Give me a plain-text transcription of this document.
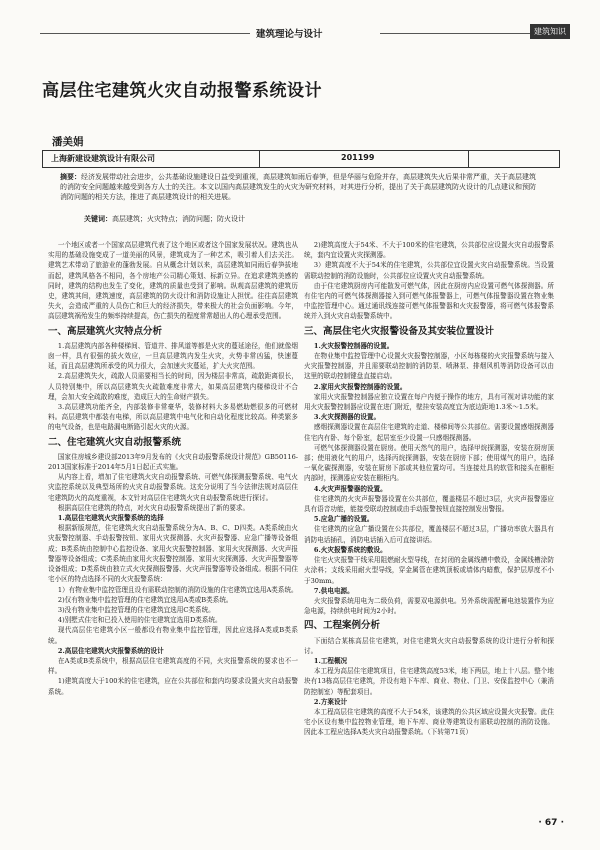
建筑理论与设计	建筑知识
高层住宅建筑火灾自动报警系统设计
潘美娟
上海新建设建筑设计有限公司	201199
摘要：经济发展带动社会进步，公共基础设施建设日益受到重视，高层建筑如雨后春笋，但是华丽与危险并存，高层建筑失火后果非常严重，关于高层建筑的消防安全问题越来越受到各方人士的关注。本文以国内高层建筑发生的火灾为研究材料，对其进行分析，提出了关于高层建筑防火设计的几点建议和预防消防问题的相关方法，推进了高层建筑设计的相关进展。
关键词：高层建筑；火灾特点；消防问题；防火设计

一个地区或者一个国家高层建筑代表了这个地区或者这个国家发展状况。建筑也从实用的基础设施变成了一道美丽的风景，建筑成为了一种艺术，吸引着人们去关注。建筑艺术带动了旅游业的蓬勃发展。自从概念计划以来，高层建筑如同雨后春笋拔地而起，建筑风格各不相同，各个房地产公司精心策划、标新立异。在追求建筑美感的同时，建筑的结构也发生了变化，建筑的质量也受到了影响。纵观高层建筑的建筑历史，建筑其间，建筑速度，高层建筑的防火设计和消防设施让人担忧。往往高层建筑失火，会造成严重的人员伤亡和巨大的经济损失，带来极大的社会负面影响。今年，高层建筑祸殆发生的频率持续提高，伤亡损失的程度常常超出人的心理承受范围。

一、高层建筑火灾特点分析

1.高层建筑内部各种楼梯间、管道井、排风道等都是火灾的蔓延途径，他们就像烟囱一样，具有很强的拔火效应，一旦高层建筑内发生火灾，火势非常凶猛，快速蔓延，而且高层建筑所承受的风力很大，会加速火灾蔓延，扩大火灾范围。

2.高层建筑失火，疏散人员需要相当长的时间，因为楼层非常高，疏散距离很长，人员特别集中，所以高层建筑失火疏散难度非常大，如果高层建筑内楼梯设计不合理，会加大安全疏散的难度，造成巨大的生命财产损失。

3.高层建筑功能齐全，内部装修非常豪华，装修材料大多易燃助燃很多的可燃材料。高层建筑中都装有电梯，所以高层建筑中电气化和自动化程度比较高。种类繁多的电气设备，也是电路漏电断路引起火灾的火源。

二、住宅建筑火灾自动报警系统

国家住房城乡建设部2013年9月发布的《火灾自动报警系统设计规范》GB50116-2013国家标准于2014年5月1日起正式实施。

从内容上看，增加了住宅建筑火灾自动报警系统、可燃气体探测报警系统、电气火灾监控系统以及典型场所的火灾自动报警系统。这充分说明了当今法律法规对高层住宅建筑防火的高度重视，本文针对高层住宅建筑火灾自动报警系统进行探讨。

根据高层住宅建筑的特点，对火灾自动报警系统提出了新的要求。

1.高层住宅建筑火灾报警系统的选择

根据新版规范，住宅建筑火灾自动报警系统分为A、B、C、D四类。A类系统由火灾报警控制器、手动报警按钮、家用火灾探测器、火灾声报警器、应急广播等设备组成；B类系统由控制中心监控设备、家用火灾报警控制器、家用火灾探测器、火灾声报警器等设备组成；C类系统由家用火灾报警控制器、家用火灾探测器、火灾声报警器等设备组成；D类系统由独立式火灾探测报警器、火灾声报警器等设备组成。根据不同住宅小区的特点选择不同的火灾报警系统：

1）有物业集中监控管理且设有需联动控制的消防设施的住宅建筑宜选用A类系统。

2)仅有物业集中监控管理的住宅建筑宜选用A类或B类系统。

3)没有物业集中监控管理的住宅建筑宜选用C类系统。

4)别墅式住宅和已投入使用的住宅建筑宜选用D类系统。

现代高层住宅建筑小区一般都设有物业集中监控管理，因此应选择A类或B类系统。

2.高层住宅建筑火灾报警系统的设计

在A类或B类系统中，根据高层住宅建筑高度的不同，火灾报警系统的要求也不一样。

1)建筑高度大于100米的住宅建筑，应在公共部位和套内均要求设置火灾自动报警系统。

2)建筑高度大于54米、不大于100米的住宅建筑，公共部位应设置火灾自动报警系统，套内宜设置火灾探测器。

3）建筑高度不大于54米的住宅建筑，公共部位宜设置火灾自动报警系统。当设置需联动控制的消防设施时，公共部位应设置火灾自动报警系统。

由于住宅建筑厨房内可能散发可燃气体，因此在厨房内应设置可燃气体探测器。所有住宅内的可燃气体探测器接入到可燃气体报警器上，可燃气体报警器设置在物业集中监控管理中心。通过通讯线连接可燃气体报警器和火灾报警器，将可燃气体报警系统并入到火灾自动报警系统中。

三、高层住宅火灾报警设备及其安装位置设计

1.火灾报警控制器的设置。

在物业集中监控管理中心设置火灾报警控制器，小区每栋楼的火灾报警系统与接入火灾报警控制器，并且需要联动控制的消防泵、喷淋泵、排烟风机等消防设备可以由这里的联动控制键盘直接启动。

2.家用火灾报警控制器的设置。

家用火灾报警控制器应独立设置在每户内便于操作的地方，具有可视对讲功能的家用火灾报警控制器应设置在进门附近，壁挂安装高度宜为底边距地1.3米～1.5米。

3.火灾探测器的设置。

感烟探测器设置在高层住宅建筑的走道、楼梯间等公共部位。需要设置感烟探测器住宅内有卧、每个卧室，起居室至少设置一只感烟探测器。

可燃气体探测器设置在厨房。使用天然气的用户，选择甲烷探测器，安装在厨房顶部；使用液化气的用户，选择丙烷探测器，安装在厨房下部；使用煤气的用户，选择一氧化碳探测器，安装在厨房下部或其他位置均可。当连接灶具的软管和接头在橱柜内部时，探测器应安装在橱柜内。

4.火灾声报警器的设置。

住宅建筑的火灾声报警器设置在公共部位，覆盖楼层不超过3层，火灾声报警器应具有语音功能，能接受联动控制或由手动报警按钮直接控制发出警报。

5.应急广播的设置。

住宅建筑的应急广播设置在公共部位，覆盖楼层不超过3层，广播功率放大器具有消防电话插孔，消防电话插入后可直接讲话。

6.火灾报警系统的敷设。

住宅火灾报警干线采用阻燃耐火型导线，在封闭的金属线槽中敷设，金属线槽涂防火涂料；支线采用耐火型导线，穿金属管在建筑顶板或墙体内暗敷，保护层厚度不小于30mm。

7.供电电源。

火灾报警系统用电为二级负荷，需要双电源供电。另外系统需配蓄电池装置作为应急电源，持续供电时间为2小时。

四、工程案例分析

下面结合某栋高层住宅建筑，对住宅建筑火灾自动报警系统的设计进行分析和探讨。

1.工程概况

本工程为高层住宅建筑项目，住宅建筑高度53米，地下两层，地上十八层。整个地块有13栋高层住宅建筑，并设有地下车库、商业、物业、门卫、安保监控中心（兼消防控制室）等配套项目。

2.方案设计

本工程高层住宅建筑的高度不大于54米，该建筑的公共区域应设置火灾报警。此住宅小区设有集中监控物业管理，地下车库、商业等建筑设有需联动控制的消防设施。因此本工程应选择A类火灾自动报警系统。（下转第71页）

· 67 ·
